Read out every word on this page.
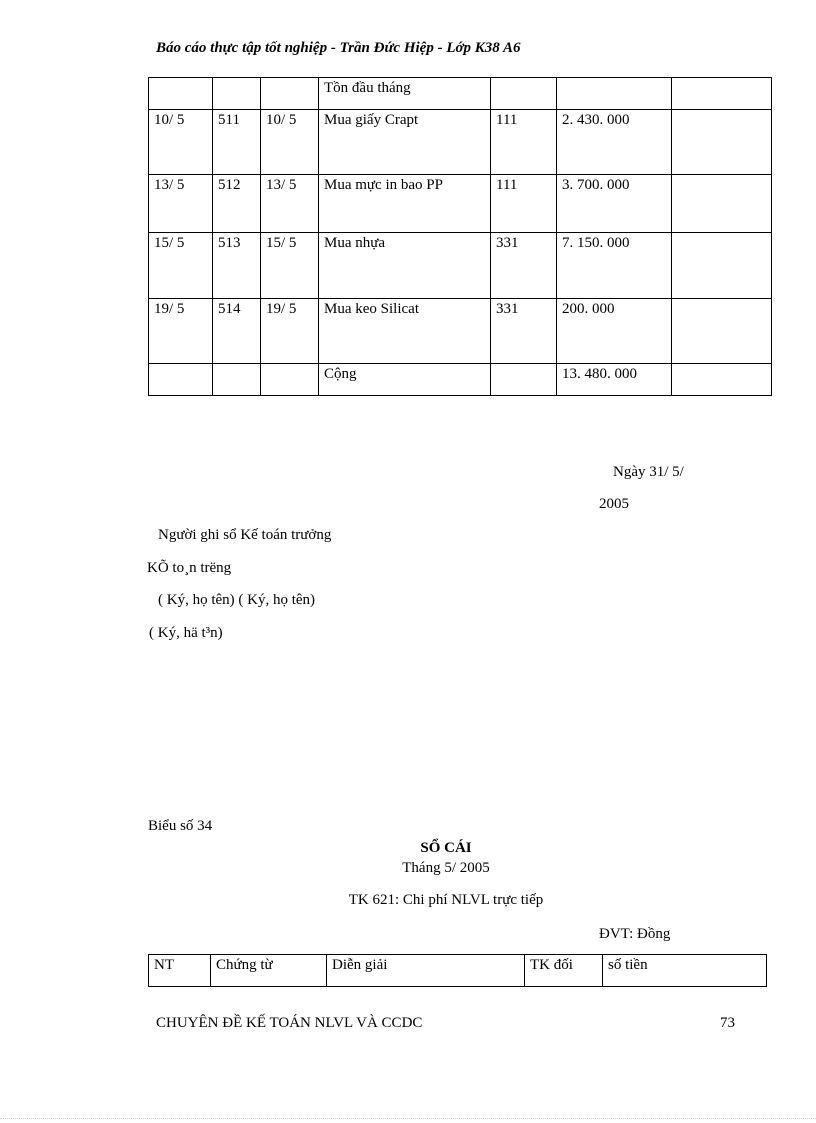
Báo cáo thực tập tốt nghiệp - Trần Đức Hiệp - Lớp K38 A6
			Tồn đầu tháng			
10/ 5	511	10/ 5	Mua giấy Crapt	111	2. 430. 000	
13/ 5	512	13/ 5	Mua mực in bao PP	111	3. 700. 000	
15/ 5	513	15/ 5	Mua nhựa	331	7. 150. 000	
19/ 5	514	19/ 5	Mua keo Silicat	331	200. 000	
			Cộng		13. 480. 000	
Ngày 31/ 5/
2005
Người ghi sổ Kế toán trưởng
KÕ to¸n trëng
( Ký, họ tên) ( Ký, họ tên)
( Ký, hä t³n)
Biểu số 34
SỔ CÁI
Tháng 5/ 2005
TK 621: Chi phí NLVL trực tiếp
ĐVT: Đồng
NT	Chứng từ	Diễn giải	TK đối	số tiền
CHUYÊN ĐỀ KẾ TOÁN NLVL VÀ CCDC	73
